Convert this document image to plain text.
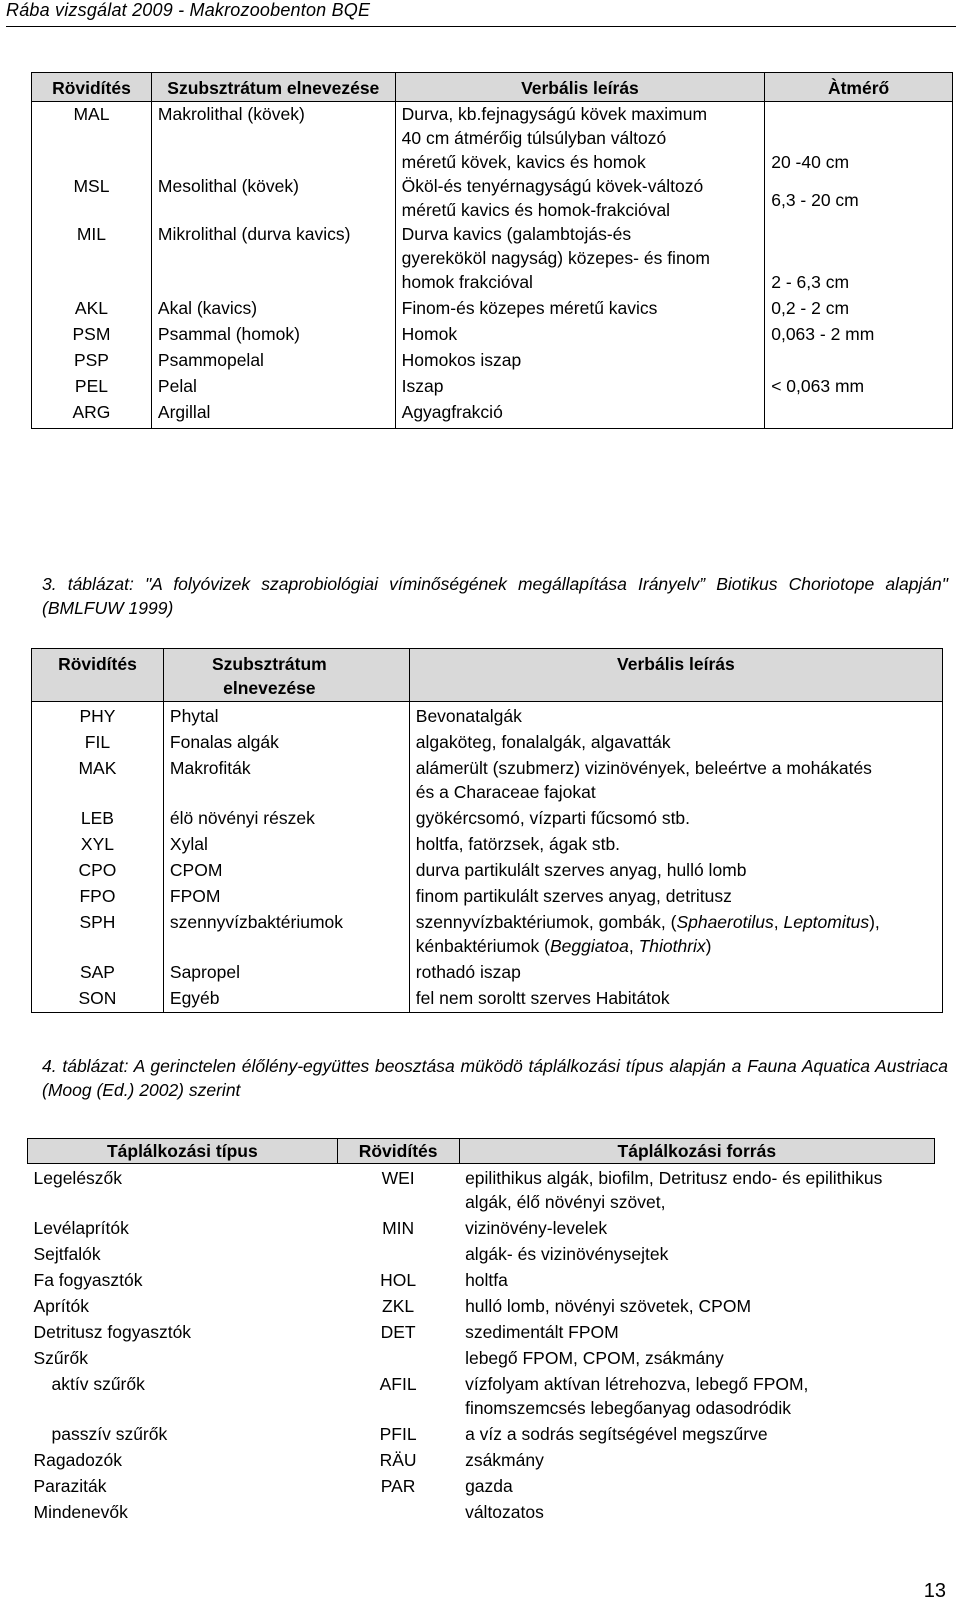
Rába vizsgálat 2009 - Makrozoobenton BQE
Rövidítés	Szubsztrátum elnevezése	Verbális leírás	Àtmérő
MAL	Makrolithal (kövek)	Durva, kb.fejnagyságú kövek maximum 40 cm átmérőig túlsúlyban változó méretű kövek, kavics és homok	20 -40 cm
MSL	Mesolithal (kövek)	Ököl-és tenyérnagyságú kövek-változó méretű kavics és homok-frakcióval	6,3 - 20 cm
MIL	Mikrolithal (durva kavics)	Durva kavics (galambtojás-és gyerekököl nagyság) közepes- és finom homok frakcióval	2 - 6,3 cm
AKL	Akal (kavics)	Finom-és közepes méretű kavics	0,2 - 2 cm
PSM	Psammal (homok)	Homok	0,063 - 2 mm
PSP	Psammopelal	Homokos iszap	
PEL	Pelal	Iszap	< 0,063 mm
ARG	Argillal	Agyagfrakció	
3. táblázat: "A folyóvizek szaprobiológiai víminőségének megállapítása Irányelv” Biotikus Choriotope alapján" (BMLFUW 1999)
Rövidítés	Szubsztrátum elnevezése	Verbális leírás
PHY	Phytal	Bevonatalgák
FIL	Fonalas algák	algaköteg, fonalalgák, algavatták
MAK	Makrofiták	alámerült (szubmerz) vizinövények, beleértve a mohákatés és a Characeae fajokat
LEB	élö növényi részek	gyökércsomó, vízparti fűcsomó stb.
XYL	Xylal	holtfa, fatörzsek, ágak stb.
CPO	CPOM	durva partikulált szerves anyag, hulló lomb
FPO	FPOM	finom partikulált szerves anyag, detritusz
SPH	szennyvízbaktériumok	szennyvízbaktériumok, gombák, (Sphaerotilus, Leptomitus), kénbaktériumok (Beggiatoa, Thiothrix)
SAP	Sapropel	rothadó iszap
SON	Egyéb	fel nem soroltt szerves Habitátok
4. táblázat: A gerinctelen élőlény-együttes beosztása müködö táplálkozási típus alapján a Fauna Aquatica Austriaca (Moog (Ed.) 2002) szerint
Táplálkozási típus	Rövidítés	Táplálkozási forrás
Legelészők	WEI	epilithikus algák, biofilm, Detritusz endo- és epilithikus algák, élő növényi szövet,
Levélaprítók	MIN	vizinövény-levelek
Sejtfalók		algák- és vizinövénysejtek
Fa fogyasztók	HOL	holtfa
Aprítók	ZKL	hulló lomb, növényi szövetek, CPOM
Detritusz fogyasztók	DET	szedimentált FPOM
Szűrők		lebegő FPOM, CPOM, zsákmány
aktív szűrők	AFIL	vízfolyam aktívan létrehozva, lebegő FPOM, finomszemcsés lebegőanyag odasodródik
passzív szűrők	PFIL	a víz a sodrás segítségével megszűrve
Ragadozók	RÄU	zsákmány
Paraziták	PAR	gazda
Mindenevők		változatos
13
